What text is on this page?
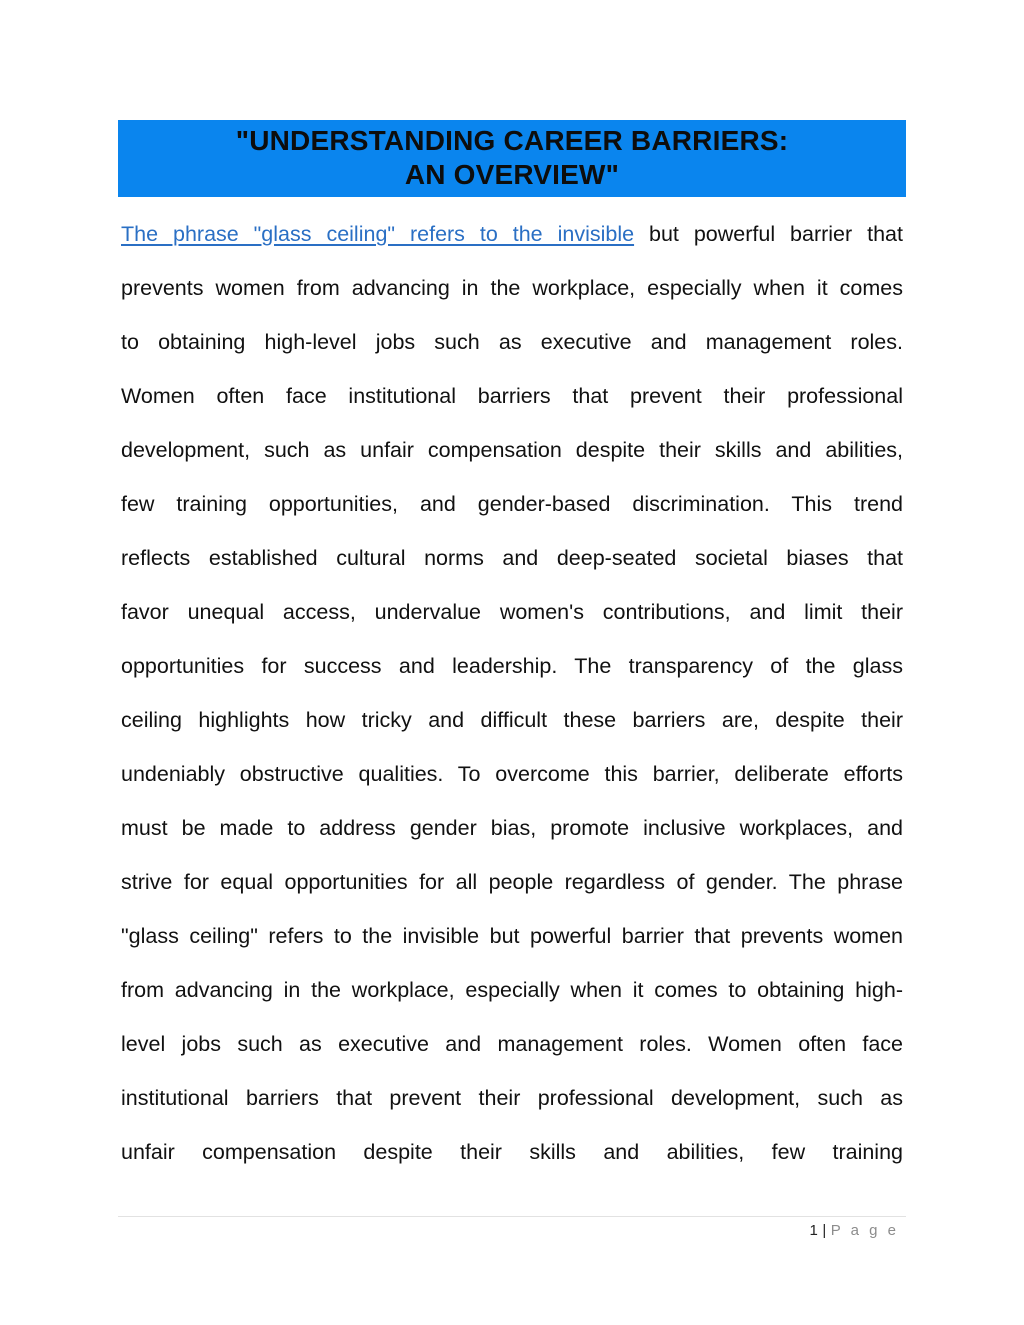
"UNDERSTANDING CAREER BARRIERS:
AN OVERVIEW"
The phrase "glass ceiling" refers to the invisible but powerful barrier that
prevents women from advancing in the workplace, especially when it comes
to obtaining high-level jobs such as executive and management roles.
Women often face institutional barriers that prevent their professional
development, such as unfair compensation despite their skills and abilities,
few training opportunities, and gender-based discrimination. This trend
reflects established cultural norms and deep-seated societal biases that
favor unequal access, undervalue women's contributions, and limit their
opportunities for success and leadership. The transparency of the glass
ceiling highlights how tricky and difficult these barriers are, despite their
undeniably obstructive qualities. To overcome this barrier, deliberate efforts
must be made to address gender bias, promote inclusive workplaces, and
strive for equal opportunities for all people regardless of gender. The phrase
"glass ceiling" refers to the invisible but powerful barrier that prevents women
from advancing in the workplace, especially when it comes to obtaining high-
level jobs such as executive and management roles. Women often face
institutional barriers that prevent their professional development, such as
unfair compensation despite their skills and abilities, few training
1 | P a g e
